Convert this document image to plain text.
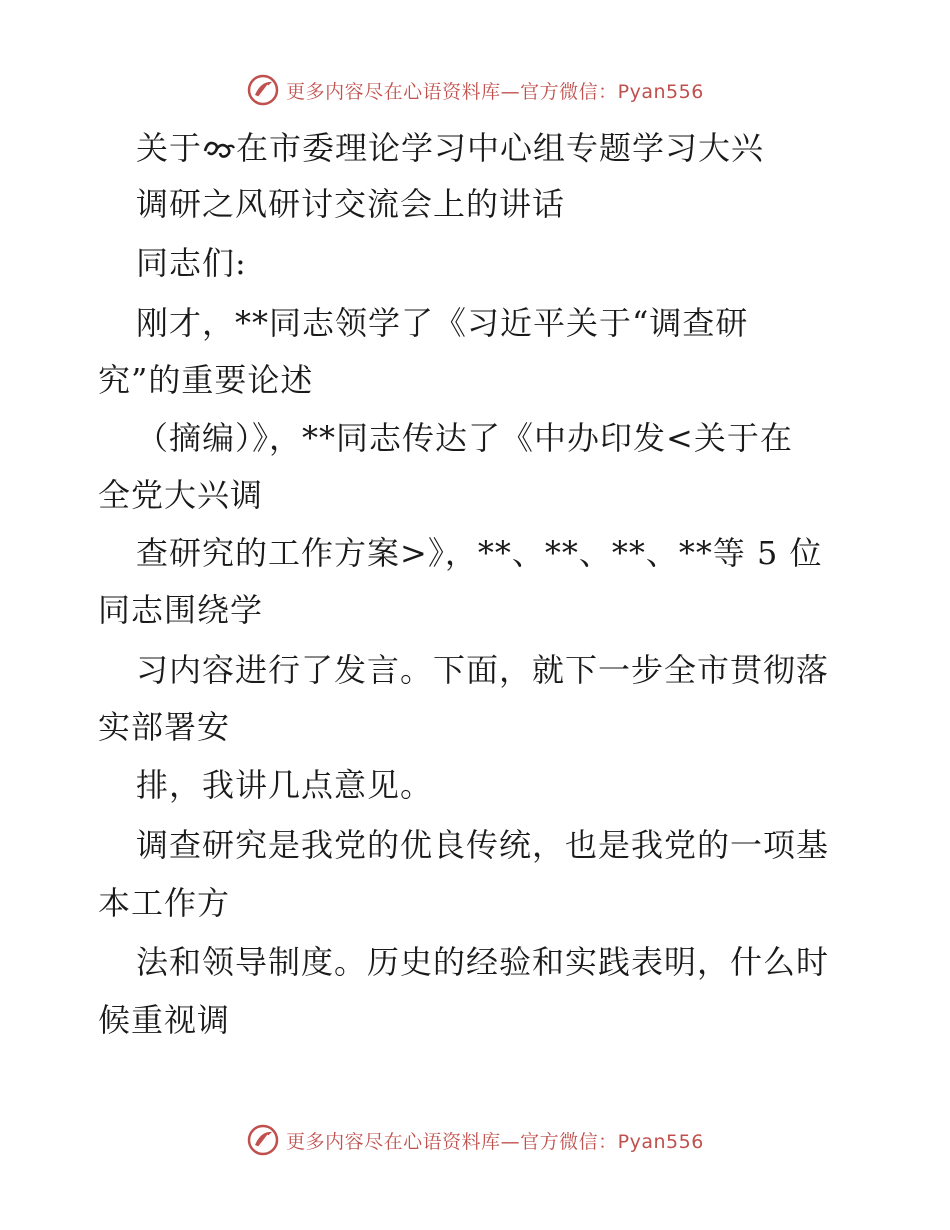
更多内容尽在心语资料库—官方微信：Pyan556
关于 在市委理论学习中心组专题学习大兴
调研之风研讨交流会上的讲话
同志们:
刚才，**同志领学了《习近平关于“调查研
究”的重要论述
（摘编）》，**同志传达了《中办印发<关于在
全党大兴调
查研究的工作方案>》，**、**、**、**等 5 位
同志围绕学
习内容进行了发言。下面，就下一步全市贯彻落
实部署安
排，我讲几点意见。
调查研究是我党的优良传统，也是我党的一项基
本工作方
法和领导制度。历史的经验和实践表明，什么时
候重视调
更多内容尽在心语资料库—官方微信：Pyan556
